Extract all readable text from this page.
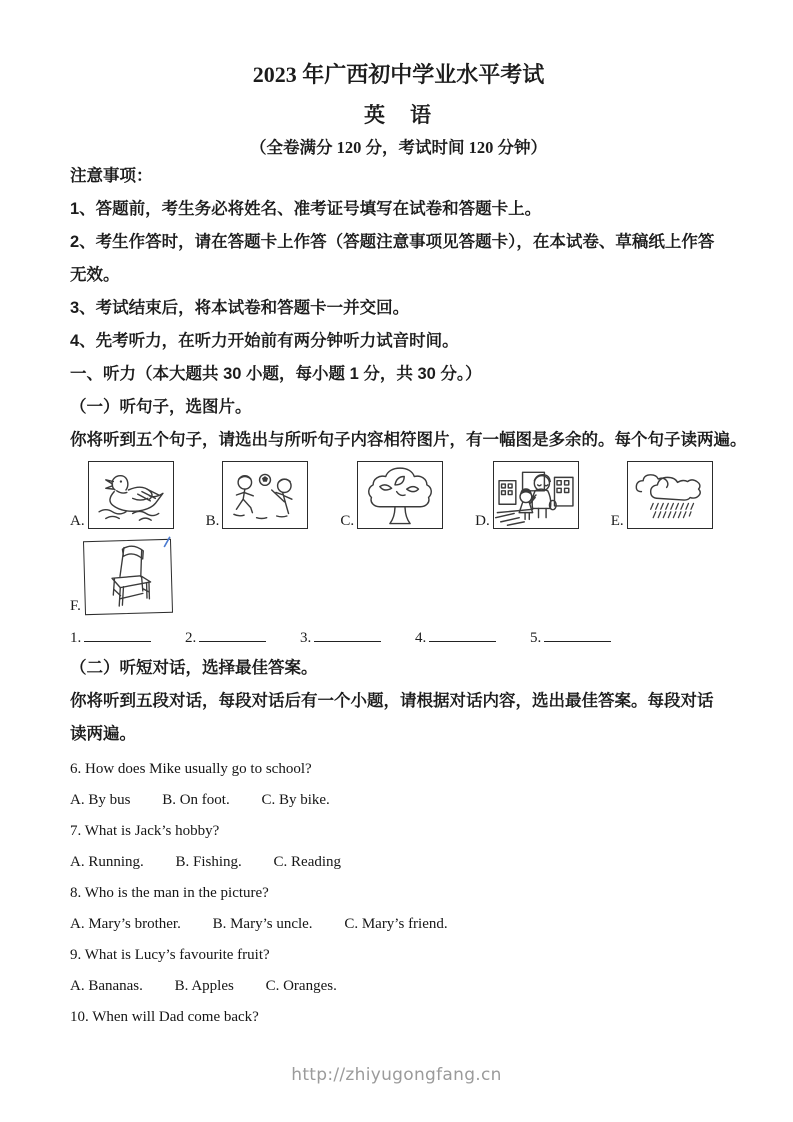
2023 年广西初中学业水平考试
英　语
（全卷满分 120 分，考试时间 120 分钟）
注意事项：
1、答题前，考生务必将姓名、准考证号填写在试卷和答题卡上。
2、考生作答时，请在答题卡上作答（答题注意事项见答题卡），在本试卷、草稿纸上作答无效。
3、考试结束后，将本试卷和答题卡一并交回。
4、先考听力，在听力开始前有两分钟听力试音时间。
一、听力（本大题共 30 小题，每小题 1 分，共 30 分。）
（一）听句子，选图片。
你将听到五个句子，请选出与所听句子内容相符图片，有一幅图是多余的。每个句子读两遍。
A.	B.	C.	D.	E.
F.
1.	2.	3.	4.	5.
（二）听短对话，选择最佳答案。
你将听到五段对话，每段对话后有一个小题，请根据对话内容，选出最佳答案。每段对话读两遍。
6. How does Mike usually go to school?
A. By bus B. On foot. C. By bike.
7. What is Jack’s hobby?
A. Running. B. Fishing. C. Reading
8. Who is the man in the picture?
A. Mary’s brother. B. Mary’s uncle. C. Mary’s friend.
9. What is Lucy’s favourite fruit?
A. Bananas. B. Apples C. Oranges.
10. When will Dad come back?
http://zhiyugongfang.cn
